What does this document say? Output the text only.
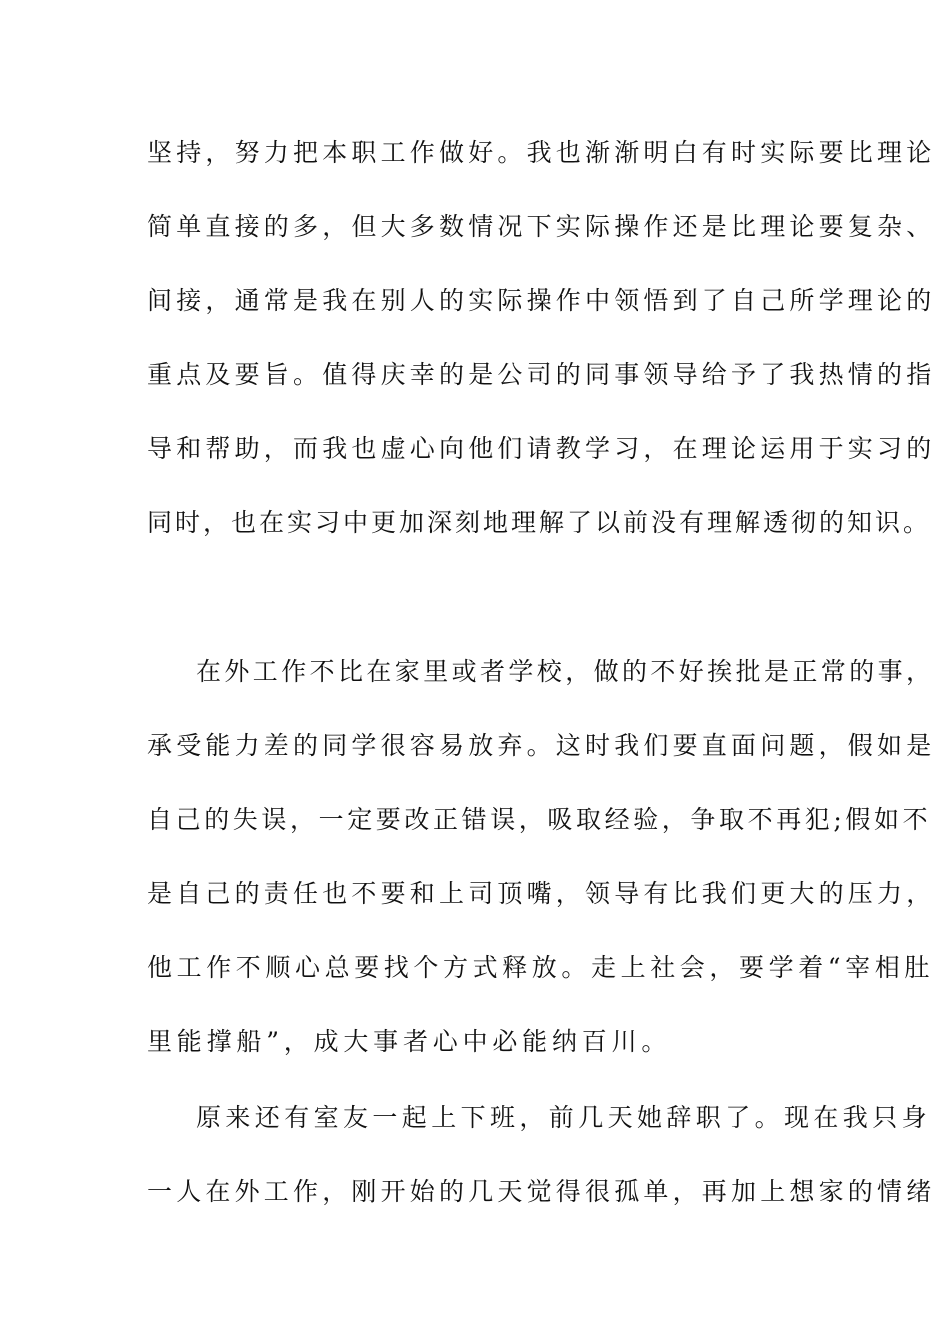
坚持，努力把本职工作做好。我也渐渐明白有时实际要比理论
简单直接的多，但大多数情况下实际操作还是比理论要复杂、
间接，通常是我在别人的实际操作中领悟到了自己所学理论的
重点及要旨。值得庆幸的是公司的同事领导给予了我热情的指
导和帮助，而我也虚心向他们请教学习，在理论运用于实习的
同时，也在实习中更加深刻地理解了以前没有理解透彻的知识。
在外工作不比在家里或者学校，做的不好挨批是正常的事，
承受能力差的同学很容易放弃。这时我们要直面问题，假如是
自己的失误，一定要改正错误，吸取经验，争取不再犯;假如不
是自己的责任也不要和上司顶嘴，领导有比我们更大的压力，
他工作不顺心总要找个方式释放。走上社会，要学着“宰相肚
里能撑船”，成大事者心中必能纳百川。
原来还有室友一起上下班，前几天她辞职了。现在我只身
一人在外工作，刚开始的几天觉得很孤单，再加上想家的情绪
